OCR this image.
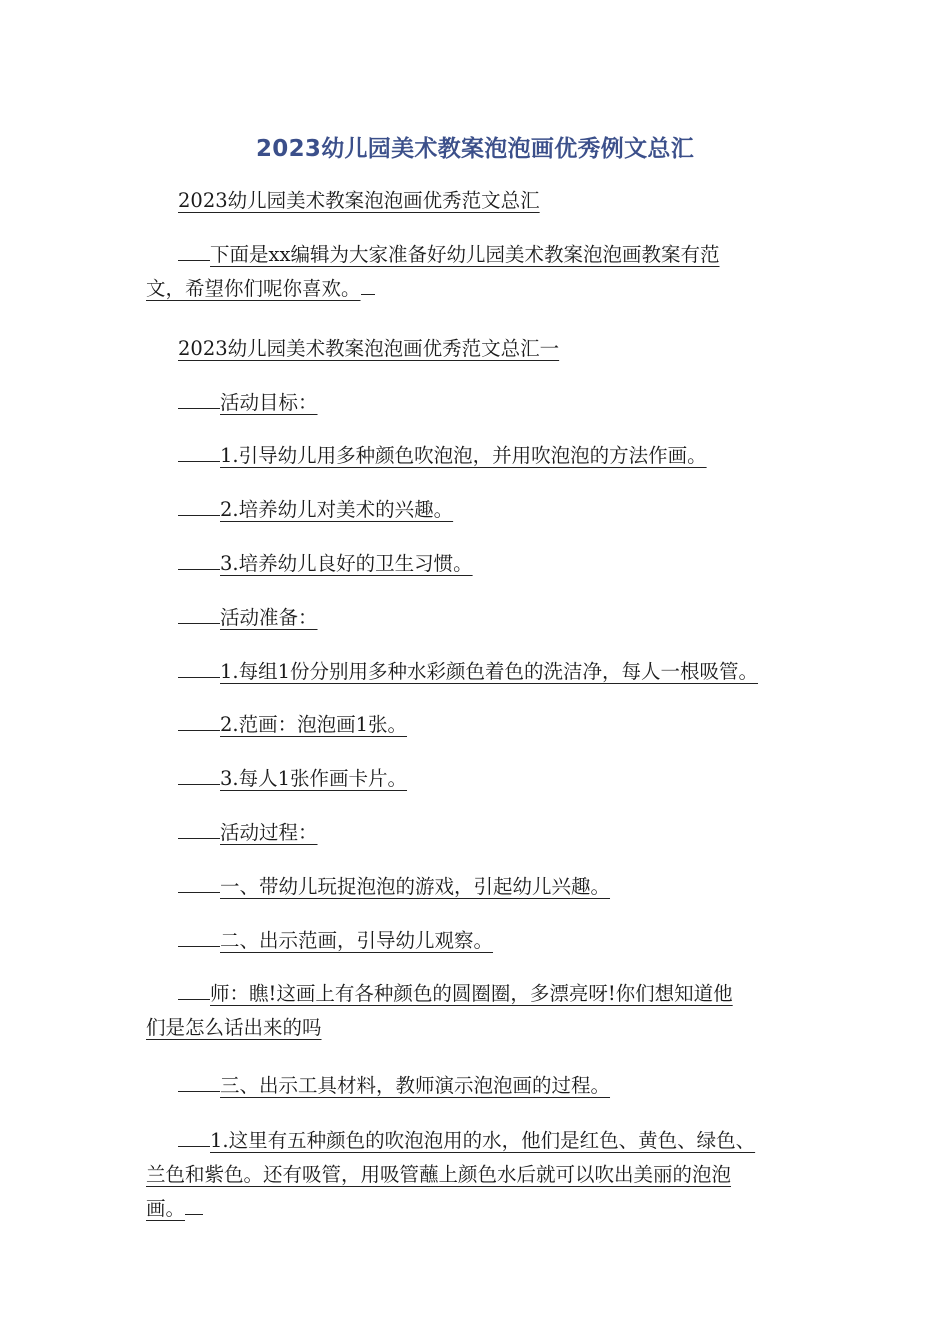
2023幼儿园美术教案泡泡画优秀例文总汇
2023幼儿园美术教案泡泡画优秀范文总汇
下面是xx编辑为大家准备好幼儿园美术教案泡泡画教案有范
文，希望你们呢你喜欢。
2023幼儿园美术教案泡泡画优秀范文总汇一
活动目标：
1.引导幼儿用多种颜色吹泡泡，并用吹泡泡的方法作画。
2.培养幼儿对美术的兴趣。
3.培养幼儿良好的卫生习惯。
活动准备：
1.每组1份分别用多种水彩颜色着色的洗洁净，每人一根吸管。
2.范画：泡泡画1张。
3.每人1张作画卡片。
活动过程：
一、带幼儿玩捉泡泡的游戏，引起幼儿兴趣。
二、出示范画，引导幼儿观察。
师：瞧!这画上有各种颜色的圆圈圈，多漂亮呀!你们想知道他
们是怎么话出来的吗
三、出示工具材料，教师演示泡泡画的过程。
1.这里有五种颜色的吹泡泡用的水，他们是红色、黄色、绿色、
兰色和紫色。还有吸管，用吸管蘸上颜色水后就可以吹出美丽的泡泡
画。
